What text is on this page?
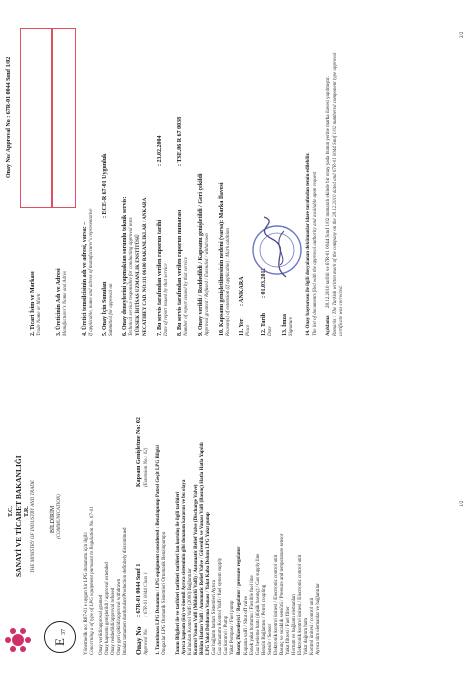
T.C. SANAYİ VE TİCARET BAKANLIĞI T.R. THE MINISTRY OF INDUSTRY AND TRADE
E
37
BİLDİRİM (COMMUNICATION)
Yönetmelik no: R67-01 e uygun bir LPG donanımı için ilgili: Concerning a of type of LPG equipment pursuant to Regulation No. 67-01 Onay verildi/approval granted Onay kapsamı genişletildi / approval extended Onay reddedildi/approval refused Onay geri çekildi/approval withdrawn Imalatı tamamen durdurulan/Production definitely discontinued Onay No
: 67R-01 0044 Sınıf 1
Kapsam Genişletme No: 02
Approval No.
: 67R-01 0044 Class 1
(Extension No.: 02) 1. Tanıtılması LPG Donanımı / LPG equipment considered : Benzinpump Patrol Geçit LPG Bilgisi Otogazlar LPG Otomatik Sistemleri Ortomatik Benzinpumpu Tanım Bilgileri ile ve tarihleri tarihleri tarihleri lan kuruluş ile ilgili tarihleri Ayrıca kapsam (ön) ve önemli Ayrıca sisteminin gibi donanım kararını ve bu olaya Kullanılan Kontrol Valfi (2000) Bağlantılar Kontrol Vanası Valfi (Mühürlü Valfi) / Automatic Relief Valve (Discharge Valve) Bölüm Hatları Valfi / Automatic Relief Valve / Güvenlik ve Vanası Valfi (Basınç) Hatla Hatla Yapıldı LPG Yakıt Doldurma Vanası / Yakıt Kaba Dolum LPG Yakıt pump Gaz bağlantı hatları Sistemleri Ayrıca Gaz donanımı Kontrol Valfi / fuel system supply Gaz kontrol / Pump Yakıt Pompası / Fuel pump Basınç Düzenleyici / Regulator / pressure regulator Kapama valfi / Shut off valve Esnek yakıt hortumu / Flexible fuel line Gaz besleme hattı (düşük basınç) / Gas supply line Benzin Bağlantısı / Petrol coupling Sensör / Sensor Elektronik kontrol ünitesi / Electronic control unit Basınç ve sıcaklık sensörü / Pressure and temperature sensor Yakıt filtresi / Fuel filter Hortum ve bağlantı elemanları Elektronik kontrol ünitesi / Electronic control unit Yakıt dağıtım hattı Kontrol ünitesi / control unit Ayrıca tüm elemanlar ve bağlantılar
1/2
Onay No/ Approval No : 67R-01 0044 Sınıf 1/02
2. Ticari İsim ve Markası Trade Name or Mark 3. Üreticinin Adı ve Adresi Manufacturer's Name and Adres 4. Üretici temsilcisinin adı ve adresi, varsa: – If applicable, name and adress of manufacturer's representative 5. Onay İçin Sunulan
: ECE-R 67-01 Uygunluk
Submitted for approval on 6. Onay deneylerini yapmaktan sorumlu teknik servis: Technical service responsible for conducting approval tests YÜKSEK İHTİSAS UZMANLIK ENSTİTÜSÜ NECATIBEY CAD. NO:111 06100 BAKANLIKLAR / ANKARA 7. Bu servis tarafından verilen raporun tarihi
: 23.02.2004
Date of report issued by that service 8. Bu servis tarafından verilen raporun numarası
: TSE.06 R 67 0038
Number of report issued by that service 9. Onay verildi / Reddedildi / Kapsamı genişletildi / Geri çekildi Approval granted / Refused / Extended / withdrawn 10. Kapsamı genişletilmesinin nedeni (varsa): Marka İlavesi Reason(s) of extension (if applicable) : Mark addition 11. Yer
: ANKARA
Place 12. Tarih
: 01.03.2011
Date 13. İmza Signature 14. Onay başvurusu ile ilgili dosyalanan dokümanlar idare tarafından temin edilebilir. The list of documents filed with the approval authority and available upon request Açıklama
28.12.2010 tarihli ve 67R-01 0044 Sınıf 1/02 numaralı ekinde bir onay yada bunun yerine marka ilavesi yapılmıştır. Remarks : The Turkish written mark of the company on the 28.12.2010 dated and 67R-01 0044 Sınıf 1/02 numbered component type approval certificate was corrected.
2/2
